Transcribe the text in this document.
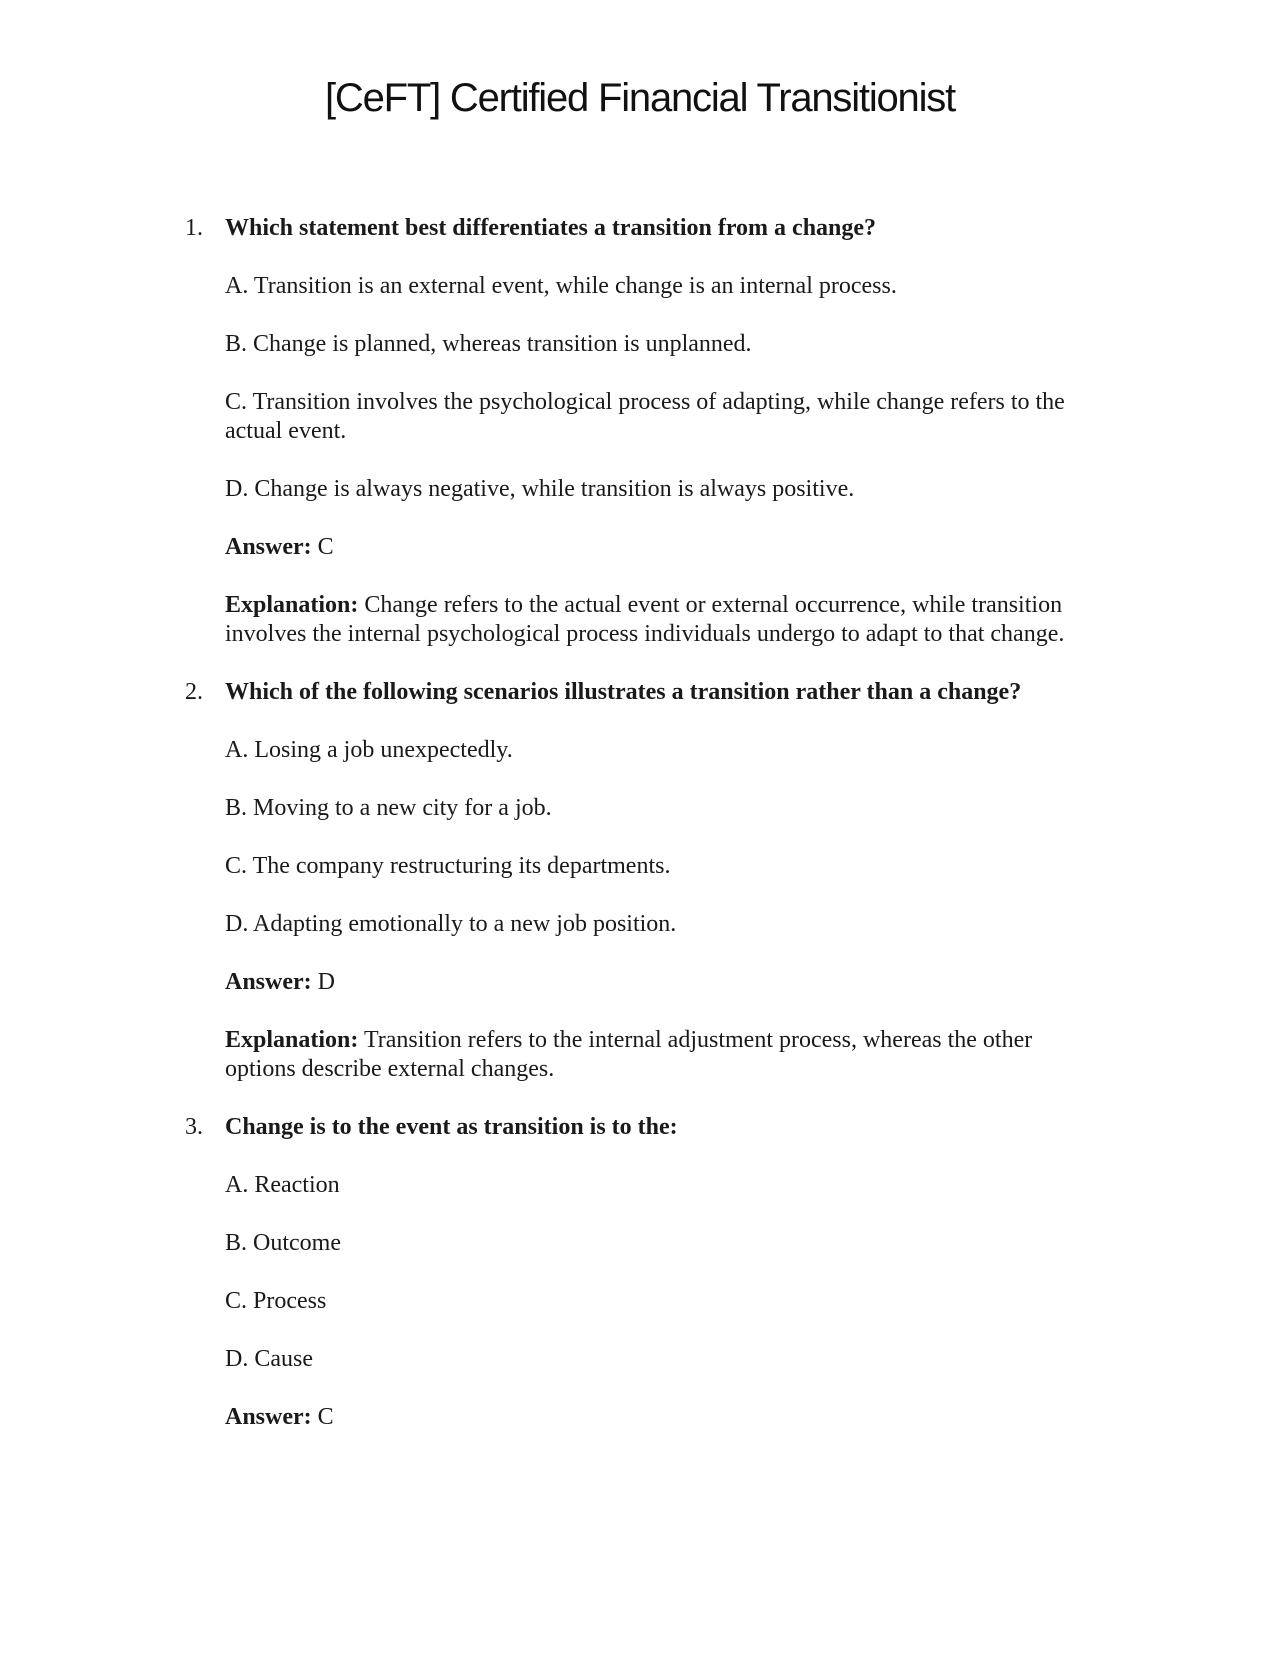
[CeFT] Certified Financial Transitionist
1. Which statement best differentiates a transition from a change?

A. Transition is an external event, while change is an internal process.

B. Change is planned, whereas transition is unplanned.

C. Transition involves the psychological process of adapting, while change refers to the actual event.

D. Change is always negative, while transition is always positive.

Answer: C

Explanation: Change refers to the actual event or external occurrence, while transition involves the internal psychological process individuals undergo to adapt to that change.

2. Which of the following scenarios illustrates a transition rather than a change?

A. Losing a job unexpectedly.

B. Moving to a new city for a job.

C. The company restructuring its departments.

D. Adapting emotionally to a new job position.

Answer: D

Explanation: Transition refers to the internal adjustment process, whereas the other options describe external changes.

3. Change is to the event as transition is to the:

A. Reaction

B. Outcome

C. Process

D. Cause

Answer: C
